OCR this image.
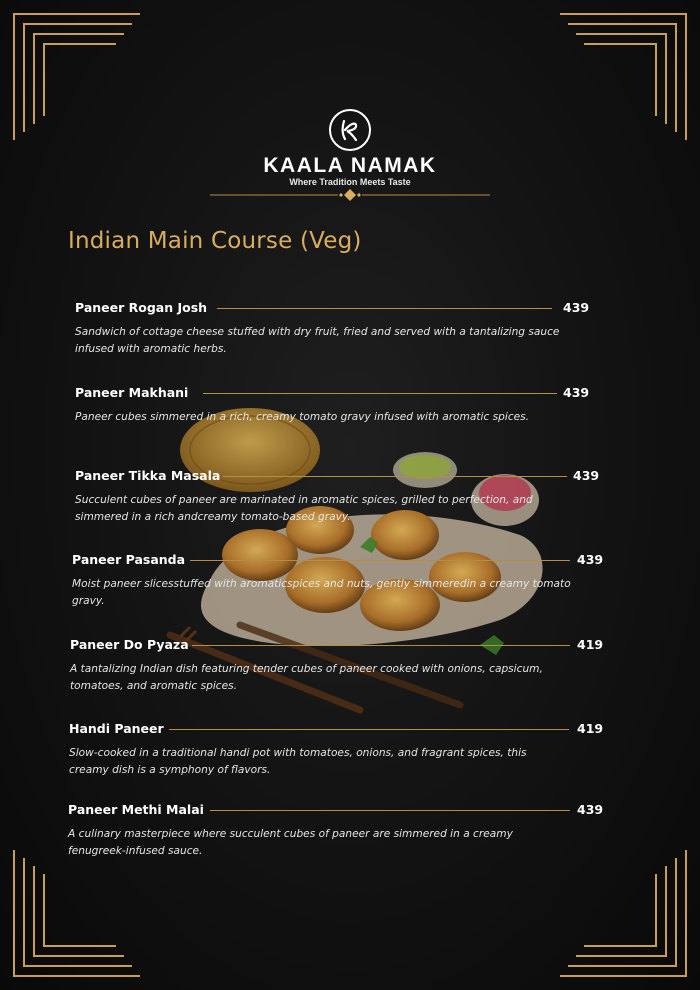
KAALA NAMAK
Where Tradition Meets Taste
Indian Main Course (Veg)
Paneer Rogan Josh	439
Sandwich of cottage cheese stuffed with dry fruit, fried and served with a tantalizing sauce infused with aromatic herbs.
Paneer Makhani	439
Paneer cubes simmered in a rich, creamy tomato gravy infused with aromatic spices.
Paneer Tikka Masala	439
Succulent cubes of paneer are marinated in aromatic spices, grilled to perfection, and simmered in a rich andcreamy tomato-based gravy.
Paneer Pasanda	439
Moist paneer slicesstuffed with aromaticspices and nuts, gently simmeredin a creamy tomato gravy.
Paneer Do Pyaza	419
A tantalizing Indian dish featuring tender cubes of paneer cooked with onions, capsicum, tomatoes, and aromatic spices.
Handi Paneer	419
Slow-cooked in a traditional handi pot with tomatoes, onions, and fragrant spices, this creamy dish is a symphony of flavors.
Paneer Methi Malai	439
A culinary masterpiece where succulent cubes of paneer are simmered in a creamy fenugreek-infused sauce.
